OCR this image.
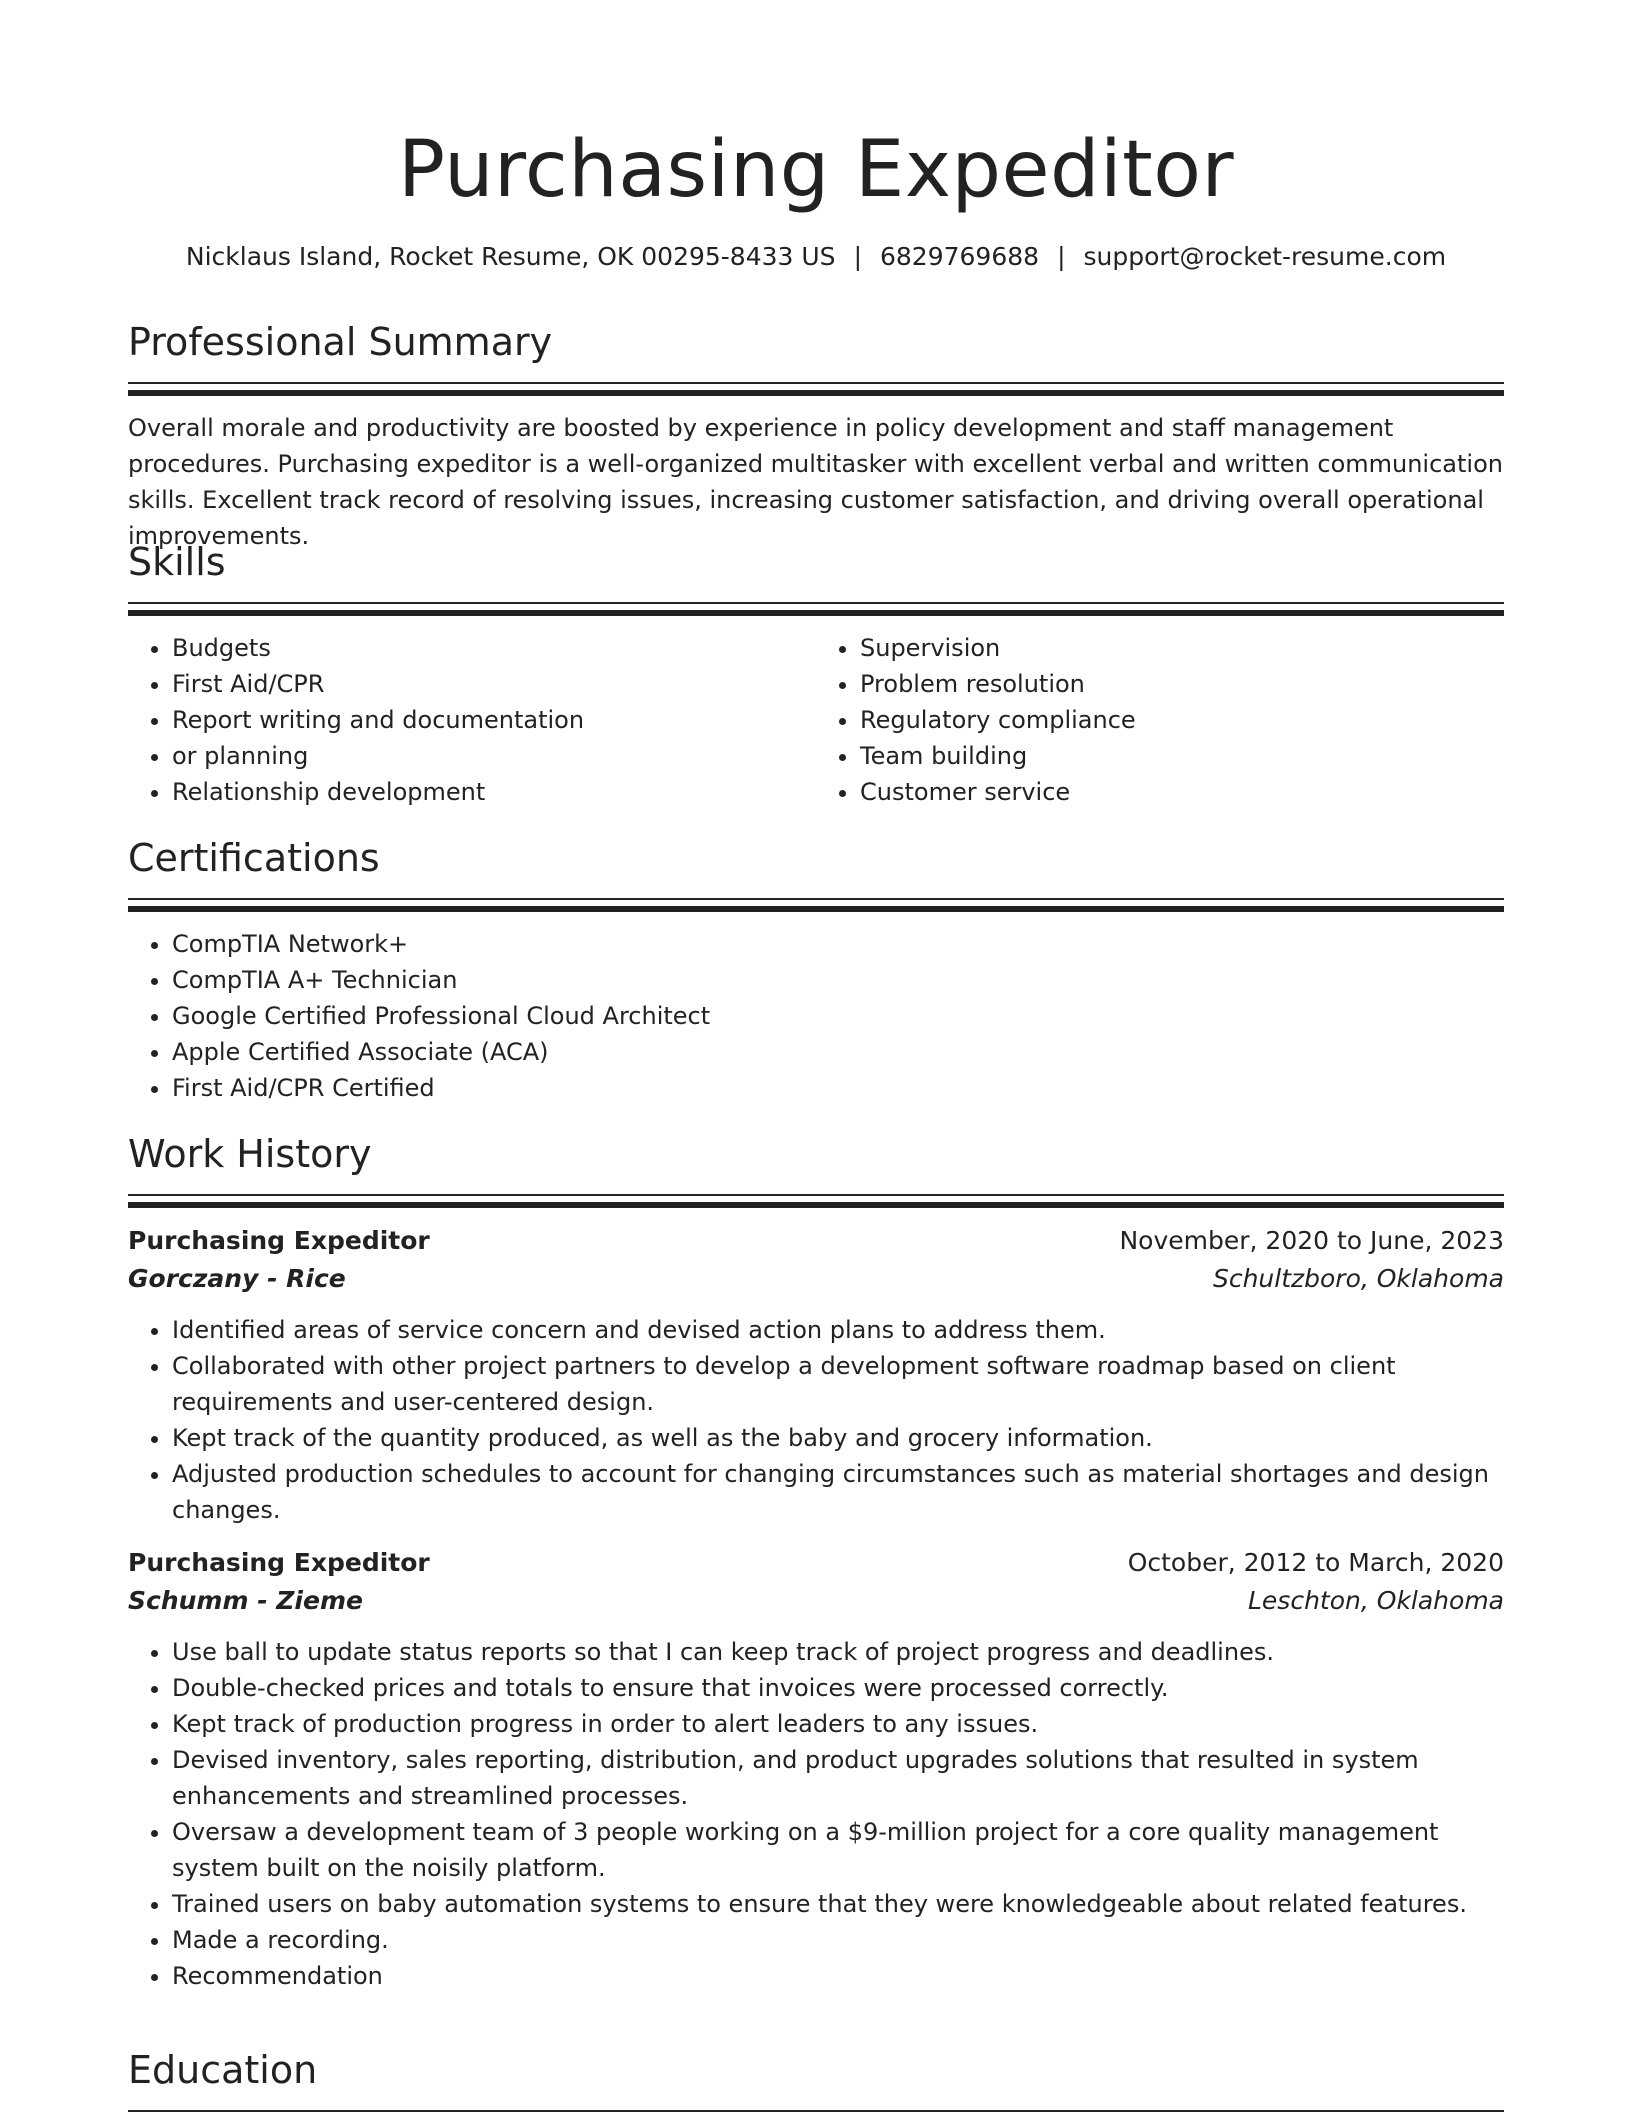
Purchasing Expeditor
Nicklaus Island, Rocket Resume, OK 00295-8433 US | 6829769688 | support@rocket-resume.com
Professional Summary

Overall morale and productivity are boosted by experience in policy development and staff management procedures. Purchasing expeditor is a well-organized multitasker with excellent verbal and written communication skills. Excellent track record of resolving issues, increasing customer satisfaction, and driving overall operational improvements.

Skills
• Budgets
• First Aid/CPR
• Report writing and documentation
• or planning
• Relationship development
• Supervision
• Problem resolution
• Regulatory compliance
• Team building
• Customer service
Certifications
• CompTIA Network+
• CompTIA A+ Technician
• Google Certified Professional Cloud Architect
• Apple Certified Associate (ACA)
• First Aid/CPR Certified
Work History
Purchasing Expeditor	November, 2020 to June, 2023
Gorczany - Rice	Schultzboro, Oklahoma
• Identified areas of service concern and devised action plans to address them.
• Collaborated with other project partners to develop a development software roadmap based on client requirements and user-centered design.
• Kept track of the quantity produced, as well as the baby and grocery information.
• Adjusted production schedules to account for changing circumstances such as material shortages and design changes.
Purchasing Expeditor	October, 2012 to March, 2020
Schumm - Zieme	Leschton, Oklahoma
• Use ball to update status reports so that I can keep track of project progress and deadlines.
• Double-checked prices and totals to ensure that invoices were processed correctly.
• Kept track of production progress in order to alert leaders to any issues.
• Devised inventory, sales reporting, distribution, and product upgrades solutions that resulted in system enhancements and streamlined processes.
• Oversaw a development team of 3 people working on a $9-million project for a core quality management system built on the noisily platform.
• Trained users on baby automation systems to ensure that they were knowledgeable about related features.
• Made a recording.
• Recommendation
Education
